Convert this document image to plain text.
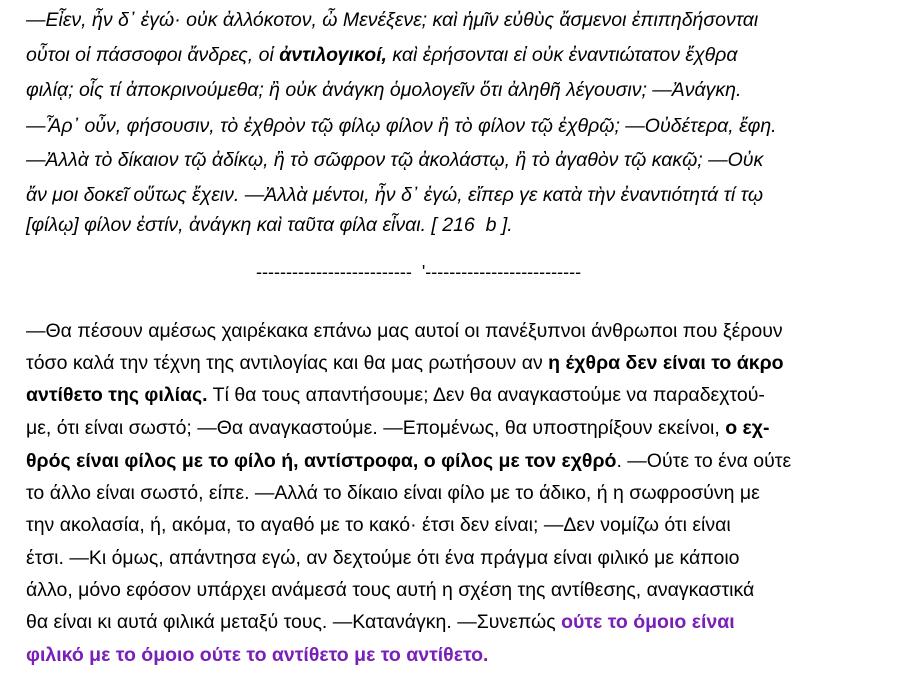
—Εἶεν, ἦν δ᾽ ἐγώ· οὐκ ἀλλόκοτον, ὦ Μενέξενε; καὶ ἡμῖν εὐθὺς ἄσμενοι ἐπιπηδήσονται
οὗτοι οἱ πάσσοφοι ἄνδρες, οἱ ἀντιλογικοί, καὶ ἐρήσονται εἰ οὐκ ἐναντιώτατον ἔχθρα
φιλίᾳ; οἷς τί ἀποκρινούμεθα; ἢ οὐκ ἀνάγκη ὁμολογεῖν ὅτι ἀληθῆ λέγουσιν; —Ἀνάγκη.
—Ἆρ᾽ οὖν, φήσουσιν, τὸ ἐχθρὸν τῷ φίλῳ φίλον ἢ τὸ φίλον τῷ ἐχθρῷ; —Οὐδέτερα, ἔφη.
—Ἀλλὰ τὸ δίκαιον τῷ ἀδίκῳ, ἢ τὸ σῶφρον τῷ ἀκολάστῳ, ἢ τὸ ἀγαθὸν τῷ κακῷ; —Οὐκ
ἄν μοι δοκεῖ οὕτως ἔχειν. —Ἀλλὰ μέντοι, ἦν δ᾽ ἐγώ, εἴπερ γε κατὰ τὴν ἐναντιότητά τί τῳ
[φίλῳ] φίλον ἐστίν, ἀνάγκη καὶ ταῦτα φίλα εἶναι. [ 216  b ].
--------------------------  '--------------------------
—Θα πέσουν αμέσως χαιρέκακα επάνω μας αυτοί οι πανέξυπνοι άνθρωποι που ξέρουν
τόσο καλά την τέχνη της αντιλογίας και θα μας ρωτήσουν αν η έχθρα δεν είναι το άκρο
αντίθετο της φιλίας. Τί θα τους απαντήσουμε; Δεν θα αναγκαστούμε να παραδεχτού-
με, ότι είναι σωστό; —Θα αναγκαστούμε. —Επομένως, θα υποστηρίξουν εκείνοι, ο εχ-
θρός είναι φίλος με το φίλο ή, αντίστροφα, ο φίλος με τον εχθρό. —Ούτε το ένα ούτε
το άλλο είναι σωστό, είπε. —Αλλά το δίκαιο είναι φίλο με το άδικο, ή η σωφροσύνη με
την ακολασία, ή, ακόμα, το αγαθό με το κακό· έτσι δεν είναι; —Δεν νομίζω ότι είναι
έτσι. —Κι όμως, απάντησα εγώ, αν δεχτούμε ότι ένα πράγμα είναι φιλικό με κάποιο
άλλο, μόνο εφόσον υπάρχει ανάμεσά τους αυτή η σχέση της αντίθεσης, αναγκαστικά
θα είναι κι αυτά φιλικά μεταξύ τους. —Κατανάγκη. —Συνεπώς ούτε το όμοιο είναι
φιλικό με το όμοιο ούτε το αντίθετο με το αντίθετο.
